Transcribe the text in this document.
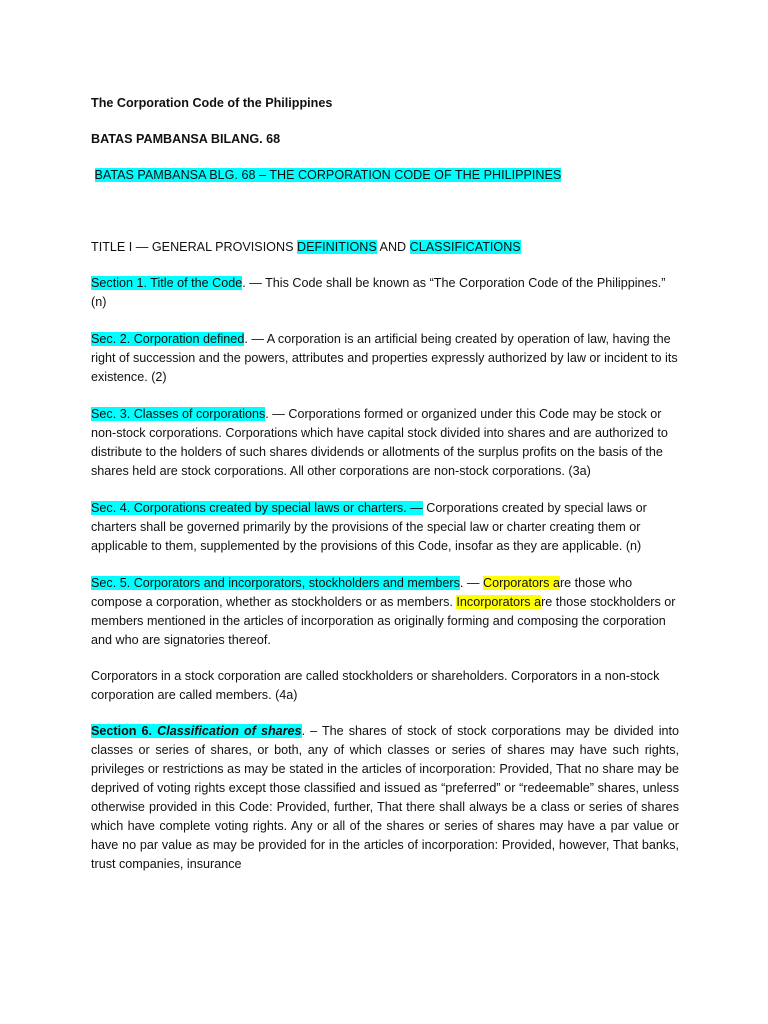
The Corporation Code of the Philippines

BATAS PAMBANSA BILANG. 68

BATAS PAMBANSA BLG. 68 – THE CORPORATION CODE OF THE PHILIPPINES

TITLE I — GENERAL PROVISIONS DEFINITIONS AND CLASSIFICATIONS

Section 1. Title of the Code. — This Code shall be known as “The Corporation Code of the Philippines.” (n)

Sec. 2. Corporation defined. — A corporation is an artificial being created by operation of law, having the right of succession and the powers, attributes and properties expressly authorized by law or incident to its existence. (2)

Sec. 3. Classes of corporations. — Corporations formed or organized under this Code may be stock or non-stock corporations. Corporations which have capital stock divided into shares and are authorized to distribute to the holders of such shares dividends or allotments of the surplus profits on the basis of the shares held are stock corporations. All other corporations are non-stock corporations. (3a)

Sec. 4. Corporations created by special laws or charters. — Corporations created by special laws or charters shall be governed primarily by the provisions of the special law or charter creating them or applicable to them, supplemented by the provisions of this Code, insofar as they are applicable. (n)

Sec. 5. Corporators and incorporators, stockholders and members. — Corporators are those who compose a corporation, whether as stockholders or as members. Incorporators are those stockholders or members mentioned in the articles of incorporation as originally forming and composing the corporation and who are signatories thereof.

Corporators in a stock corporation are called stockholders or shareholders. Corporators in a non-stock corporation are called members. (4a)

Section 6. Classification of shares. – The shares of stock of stock corporations may be divided into classes or series of shares, or both, any of which classes or series of shares may have such rights, privileges or restrictions as may be stated in the articles of incorporation: Provided, That no share may be deprived of voting rights except those classified and issued as “preferred” or “redeemable” shares, unless otherwise provided in this Code: Provided, further, That there shall always be a class or series of shares which have complete voting rights. Any or all of the shares or series of shares may have a par value or have no par value as may be provided for in the articles of incorporation: Provided, however, That banks, trust companies, insurance
